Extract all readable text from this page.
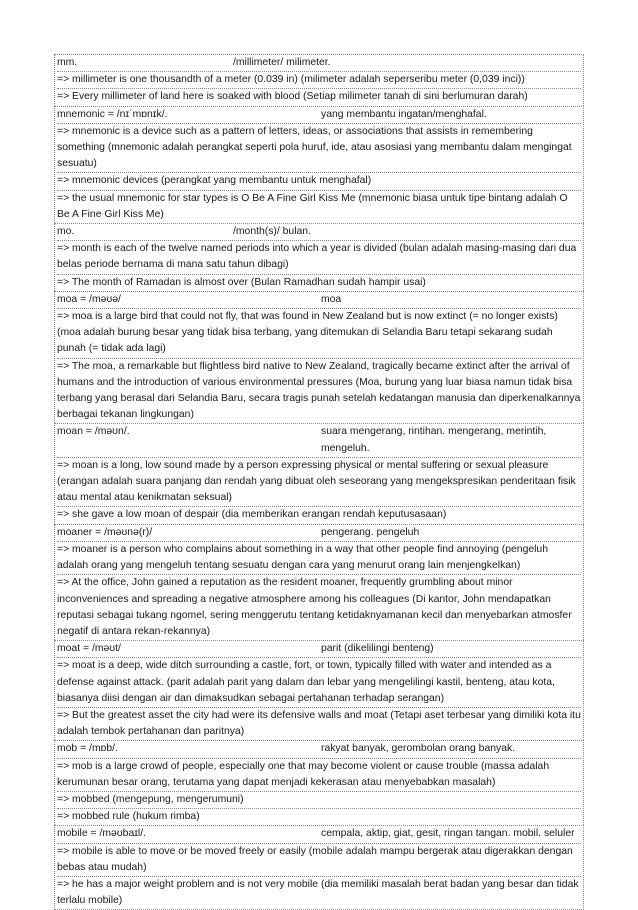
mm.	/millimeter/ milimeter.
=> millimeter is one thousandth of a meter (0.039 in) (milimeter adalah seperseribu meter (0,039 inci))
=> Every millimeter of land here is soaked with blood (Setiap milimeter tanah di sini berlumuran darah)
mnemonic = /nɪˈmɒnɪk/.	yang membantu ingatan/menghafal.
=> mnemonic is a device such as a pattern of letters, ideas, or associations that assists in remembering something (mnemonic adalah perangkat seperti pola huruf, ide, atau asosiasi yang membantu dalam mengingat sesuatu)
=> mnemonic devices (perangkat yang membantu untuk menghafal)
=> the usual mnemonic for star types is O Be A Fine Girl Kiss Me (mnemonic biasa untuk tipe bintang adalah O Be A Fine Girl Kiss Me)
mo.	/month(s)/ bulan.
=> month is each of the twelve named periods into which a year is divided (bulan adalah masing-masing dari dua belas periode bernama di mana satu tahun dibagi)
=> The month of Ramadan is almost over (Bulan Ramadhan sudah hampir usai)
moa = /məʊə/	moa
=> moa is a large bird that could not fly, that was found in New Zealand but is now extinct (= no longer exists) (moa adalah burung besar yang tidak bisa terbang, yang ditemukan di Selandia Baru tetapi sekarang sudah punah (= tidak ada lagi)
=> The moa, a remarkable but flightless bird native to New Zealand, tragically became extinct after the arrival of humans and the introduction of various environmental pressures (Moa, burung yang luar biasa namun tidak bisa terbang yang berasal dari Selandia Baru, secara tragis punah setelah kedatangan manusia dan diperkenalkannya berbagai tekanan lingkungan)
moan = /məʊn/.	suara mengerang, rintihan. mengerang, merintih, mengeluh.
=> moan is a long, low sound made by a person expressing physical or mental suffering or sexual pleasure (erangan adalah suara panjang dan rendah yang dibuat oleh seseorang yang mengekspresikan penderitaan fisik atau mental atau kenikmatan seksual)
=> she gave a low moan of despair (dia memberikan erangan rendah keputusasaan)
moaner = /məʊnə(r)/	pengerang. pengeluh
=> moaner is a person who complains about something in a way that other people find annoying (pengeluh adalah orang yang mengeluh tentang sesuatu dengan cara yang menurut orang lain menjengkelkan)
=> At the office, John gained a reputation as the resident moaner, frequently grumbling about minor inconveniences and spreading a negative atmosphere among his colleagues (Di kantor, John mendapatkan reputasi sebagai tukang ngomel, sering menggerutu tentang ketidaknyamanan kecil dan menyebarkan atmosfer negatif di antara rekan-rekannya)
moat = /məʊt/	parit (dikelilingi benteng)
=> moat is a deep, wide ditch surrounding a castle, fort, or town, typically filled with water and intended as a defense against attack. (parit adalah parit yang dalam dan lebar yang mengelilingi kastil, benteng, atau kota, biasanya diisi dengan air dan dimaksudkan sebagai pertahanan terhadap serangan)
=> But the greatest asset the city had were its defensive walls and moat (Tetapi aset terbesar yang dimiliki kota itu adalah tembok pertahanan dan paritnya)
mob = /mɒb/.	rakyat banyak, gerombolan orang banyak.
=> mob is a large crowd of people, especially one that may become violent or cause trouble (massa adalah kerumunan besar orang, terutama yang dapat menjadi kekerasan atau menyebabkan masalah)
=> mobbed (mengepung, mengerumuni)
=> mobbed rule (hukum rimba)
mobile = /məʊbaɪl/.	cempala, aktip, giat, gesit, ringan tangan. mobil. seluler
=> mobile is able to move or be moved freely or easily (mobile adalah mampu bergerak atau digerakkan dengan bebas atau mudah)
=> he has a major weight problem and is not very mobile (dia memiliki masalah berat badan yang besar dan tidak terlalu mobile)
